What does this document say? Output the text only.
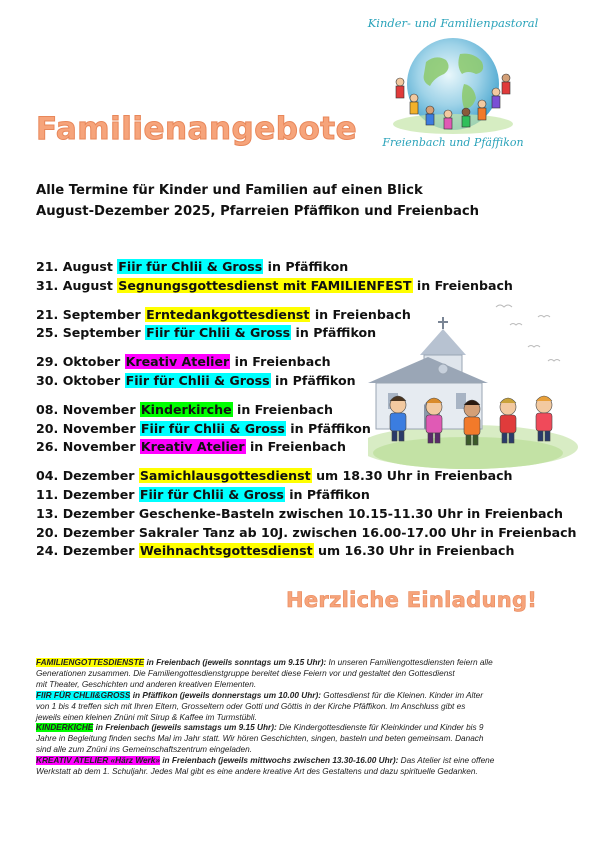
Kinder- und Familienpastoral
Freienbach und Pfäffikon
Familienangebote
Alle Termine für Kinder und Familien auf einen Blick
August-Dezember 2025, Pfarreien Pfäffikon und Freienbach
21. August Fiir für Chlii & Gross in Pfäffikon
31. August Segnungsgottesdienst mit FAMILIENFEST in Freienbach
21. September Erntedankgottesdienst in Freienbach
25. September Fiir für Chlii & Gross in Pfäffikon
29. Oktober Kreativ Atelier in Freienbach
30. Oktober Fiir für Chlii & Gross in Pfäffikon
08. November Kinderkirche in Freienbach
20. November Fiir für Chlii & Gross in Pfäffikon
26. November Kreativ Atelier in Freienbach
04. Dezember Samichlausgottesdienst um 18.30 Uhr in Freienbach
11. Dezember Fiir für Chlii & Gross in Pfäffikon
13. Dezember Geschenke-Basteln zwischen 10.15-11.30 Uhr in Freienbach
20. Dezember Sakraler Tanz ab 10J. zwischen 16.00-17.00 Uhr in Freienbach
24. Dezember Weihnachtsgottesdienst um 16.30 Uhr in Freienbach
Herzliche Einladung!

FAMILIENGOTTESDIENSTE in Freienbach (jeweils sonntags um 9.15 Uhr): In unseren Familiengottesdiensten feiern alle

Generationen zusammen. Die Familiengottesdienstgruppe bereitet diese Feiern vor und gestaltet den Gottesdienst

mit Theater, Geschichten und anderen kreativen Elementen.

FIIR FÜR CHLII&GROSS in Pfäffikon (jeweils donnerstags um 10.00 Uhr): Gottesdienst für die Kleinen. Kinder im Alter

von 1 bis 4 treffen sich mit Ihren Eltern, Grosseltern oder Gotti und Göttis in der Kirche Pfäffikon. Im Anschluss gibt es

jeweils einen kleinen Znüni mit Sirup & Kaffee im Turmstübli.

KINDERKICHE in Freienbach (jeweils samstags um 9.15 Uhr): Die Kindergottesdienste für Kleinkinder und Kinder bis 9

Jahre in Begleitung finden sechs Mal im Jahr statt. Wir hören Geschichten, singen, basteln und beten gemeinsam. Danach

sind alle zum Znüni ins Gemeinschaftszentrum eingeladen.

KREATIV ATELIER «Härz Werk» in Freienbach (jeweils mittwochs zwischen 13.30-16.00 Uhr): Das Atelier ist eine offene

Werkstatt ab dem 1. Schuljahr. Jedes Mal gibt es eine andere kreative Art des Gestaltens und dazu spirituelle Gedanken.
